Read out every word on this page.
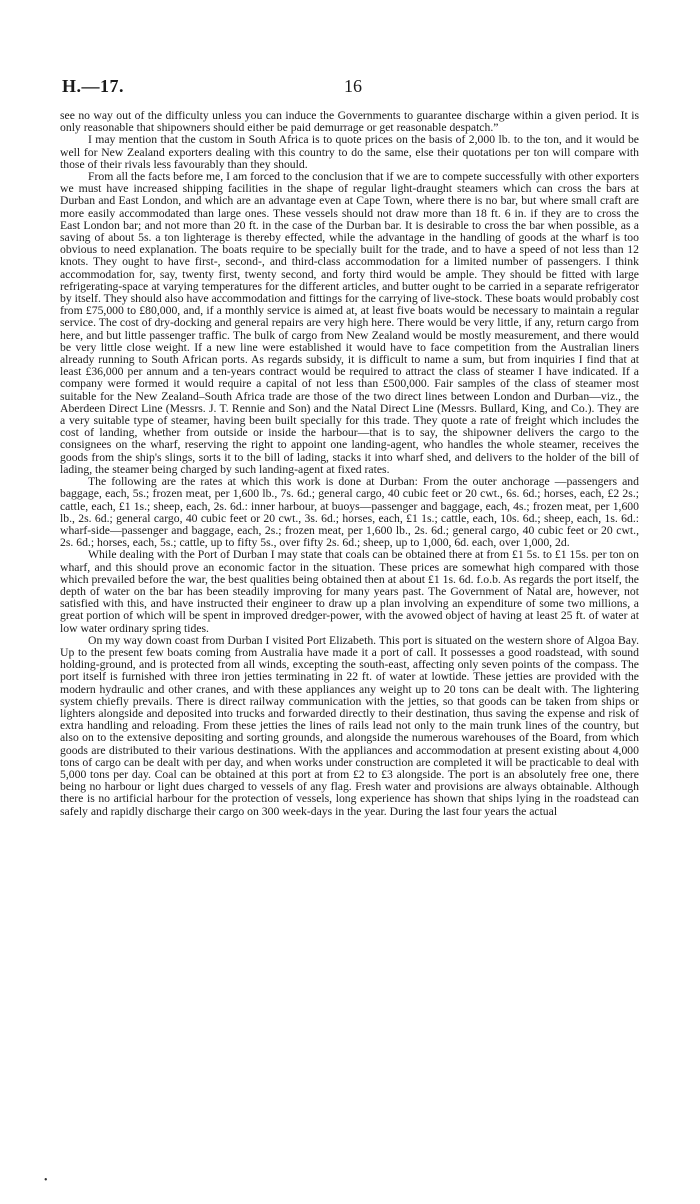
H.—17.	16

see no way out of the difficulty unless you can induce the Governments to guarantee discharge within a given period. It is only reasonable that shipowners should either be paid demurrage or get reasonable despatch.”

I may mention that the custom in South Africa is to quote prices on the basis of 2,000 lb. to the ton, and it would be well for New Zealand exporters dealing with this country to do the same, else their quotations per ton will compare with those of their rivals less favourably than they should.

From all the facts before me, I am forced to the conclusion that if we are to compete successfully with other exporters we must have increased shipping facilities in the shape of regular light-draught steamers which can cross the bars at Durban and East London, and which are an advantage even at Cape Town, where there is no bar, but where small craft are more easily accommodated than large ones. These vessels should not draw more than 18 ft. 6 in. if they are to cross the East London bar; and not more than 20 ft. in the case of the Durban bar. It is desirable to cross the bar when possible, as a saving of about 5s. a ton lighterage is thereby effected, while the advantage in the handling of goods at the wharf is too obvious to need explanation. The boats require to be specially built for the trade, and to have a speed of not less than 12 knots. They ought to have first-, second-, and third-class accommodation for a limited number of passengers. I think accommodation for, say, twenty first, twenty second, and forty third would be ample. They should be fitted with large refrigerating-space at varying temperatures for the different articles, and butter ought to be carried in a separate refrigerator by itself. They should also have accommodation and fittings for the carrying of live-stock. These boats would probably cost from £75,000 to £80,000, and, if a monthly service is aimed at, at least five boats would be necessary to maintain a regular service. The cost of dry-docking and general repairs are very high here. There would be very little, if any, return cargo from here, and but little passenger traffic. The bulk of cargo from New Zealand would be mostly measurement, and there would be very little close weight. If a new line were established it would have to face competition from the Australian liners already running to South African ports. As regards subsidy, it is difficult to name a sum, but from inquiries I find that at least £36,000 per annum and a ten-years contract would be required to attract the class of steamer I have indicated. If a company were formed it would require a capital of not less than £500,000. Fair samples of the class of steamer most suitable for the New Zealand–South Africa trade are those of the two direct lines between London and Durban—viz., the Aberdeen Direct Line (Messrs. J. T. Rennie and Son) and the Natal Direct Line (Messrs. Bullard, King, and Co.). They are a very suitable type of steamer, having been built specially for this trade. They quote a rate of freight which includes the cost of landing, whether from outside or inside the harbour—that is to say, the shipowner delivers the cargo to the consignees on the wharf, reserving the right to appoint one landing-agent, who handles the whole steamer, receives the goods from the ship's slings, sorts it to the bill of lading, stacks it into wharf shed, and delivers to the holder of the bill of lading, the steamer being charged by such landing-agent at fixed rates.

The following are the rates at which this work is done at Durban: From the outer anchorage —passengers and baggage, each, 5s.; frozen meat, per 1,600 lb., 7s. 6d.; general cargo, 40 cubic feet or 20 cwt., 6s. 6d.; horses, each, £2 2s.; cattle, each, £1 1s.; sheep, each, 2s. 6d.: inner harbour, at buoys—passenger and baggage, each, 4s.; frozen meat, per 1,600 lb., 2s. 6d.; general cargo, 40 cubic feet or 20 cwt., 3s. 6d.; horses, each, £1 1s.; cattle, each, 10s. 6d.; sheep, each, 1s. 6d.: wharf-side—passenger and baggage, each, 2s.; frozen meat, per 1,600 lb., 2s. 6d.; general cargo, 40 cubic feet or 20 cwt., 2s. 6d.; horses, each, 5s.; cattle, up to fifty 5s., over fifty 2s. 6d.; sheep, up to 1,000, 6d. each, over 1,000, 2d.

While dealing with the Port of Durban I may state that coals can be obtained there at from £1 5s. to £1 15s. per ton on wharf, and this should prove an economic factor in the situation. These prices are somewhat high compared with those which prevailed before the war, the best qualities being obtained then at about £1 1s. 6d. f.o.b. As regards the port itself, the depth of water on the bar has been steadily improving for many years past. The Government of Natal are, however, not satisfied with this, and have instructed their engineer to draw up a plan involving an expenditure of some two millions, a great portion of which will be spent in improved dredger-power, with the avowed object of having at least 25 ft. of water at low water ordinary spring tides.

On my way down coast from Durban I visited Port Elizabeth. This port is situated on the western shore of Algoa Bay. Up to the present few boats coming from Australia have made it a port of call. It possesses a good roadstead, with sound holding-ground, and is protected from all winds, excepting the south-east, affecting only seven points of the compass. The port itself is furnished with three iron jetties terminating in 22 ft. of water at lowtide. These jetties are provided with the modern hydraulic and other cranes, and with these appliances any weight up to 20 tons can be dealt with. The lightering system chiefly prevails. There is direct railway communication with the jetties, so that goods can be taken from ships or lighters alongside and deposited into trucks and forwarded directly to their destination, thus saving the expense and risk of extra handling and reloading. From these jetties the lines of rails lead not only to the main trunk lines of the country, but also on to the extensive depositing and sorting grounds, and alongside the numerous warehouses of the Board, from which goods are distributed to their various destinations. With the appliances and accommodation at present existing about 4,000 tons of cargo can be dealt with per day, and when works under construction are completed it will be practicable to deal with 5,000 tons per day. Coal can be obtained at this port at from £2 to £3 alongside. The port is an absolutely free one, there being no harbour or light dues charged to vessels of any flag. Fresh water and provisions are always obtainable. Although there is no artificial harbour for the protection of vessels, long experience has shown that ships lying in the roadstead can safely and rapidly discharge their cargo on 300 week-days in the year. During the last four years the actual

•
